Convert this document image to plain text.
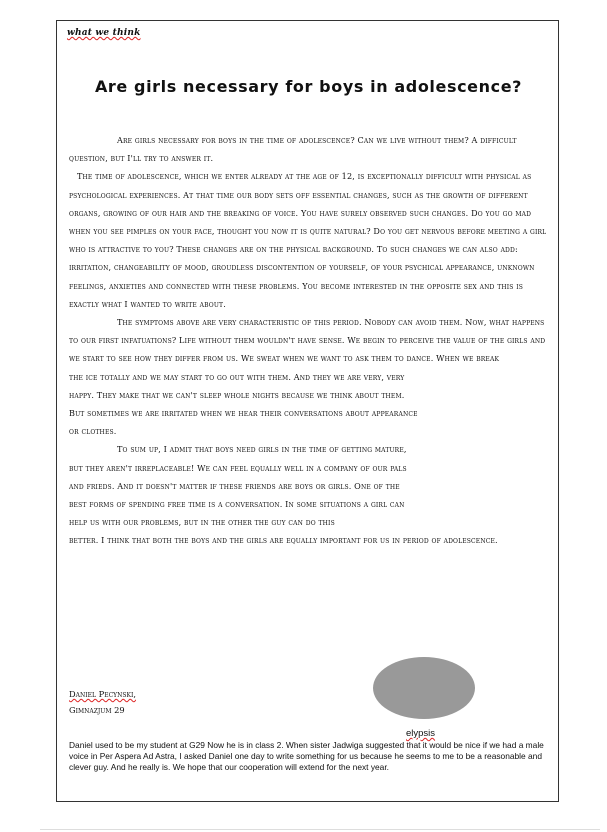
what we think
Are girls necessary for boys in adolescence?

Are girls necessary for boys in the time of adolescence? Can we live without them? A difficult question, but I'll try to answer it.

The time of adolescence, which we enter already at the age of 12, is exceptionally difficult with physical as psychological experiences. At that time our body sets off essential changes, such as the growth of different organs, growing of our hair and the breaking of voice. You have surely observed such changes. Do you go mad when you see pimples on your face, thought you now it is quite natural? Do you get nervous before meeting a girl who is attractive to you? These changes are on the physical background. To such changes we can also add: irritation, changeability of mood, groudless discontention of yourself, of your psychical appearance, unknown feelings, anxieties and connected with these problems. You become interested in the opposite sex and this is exactly what I wanted to write about.

The symptoms above are very characteristic of this period. Nobody can avoid them. Now, what happens to our first infatuations? Life without them wouldn't have sense. We begin to perceive the value of the girls and we start to see how they differ from us. We sweat when we want to ask them to dance. When we break

the ice totally and we may start to go out with them. And they we are very, very happy. They make that we can't sleep whole nights because we think about them. But sometimes we are irritated when we hear their conversations about appearance or clothes.

To sum up, I admit that boys need girls in the time of getting mature, but they aren't irreplaceable! We can feel equally well in a company of our pals and frieds. And it doesn't matter if these friends are boys or girls. One of the best forms of spending free time is a conversation. In some situations a girl can help us with our problems, but in the other the guy can do this

better. I think that both the boys and the girls are equally important for us in period of adolescence.

Daniel Pecynski,
Gimnazjum 29
elypsis
Daniel used to be my student at G29 Now he is in class 2. When sister Jadwiga suggested that it would be nice if we had a male voice in Per Aspera Ad Astra, I asked Daniel one day to write something for us because he seems to me to be a reasonable and clever guy. And he really is. We hope that our cooperation will extend for the next year.
